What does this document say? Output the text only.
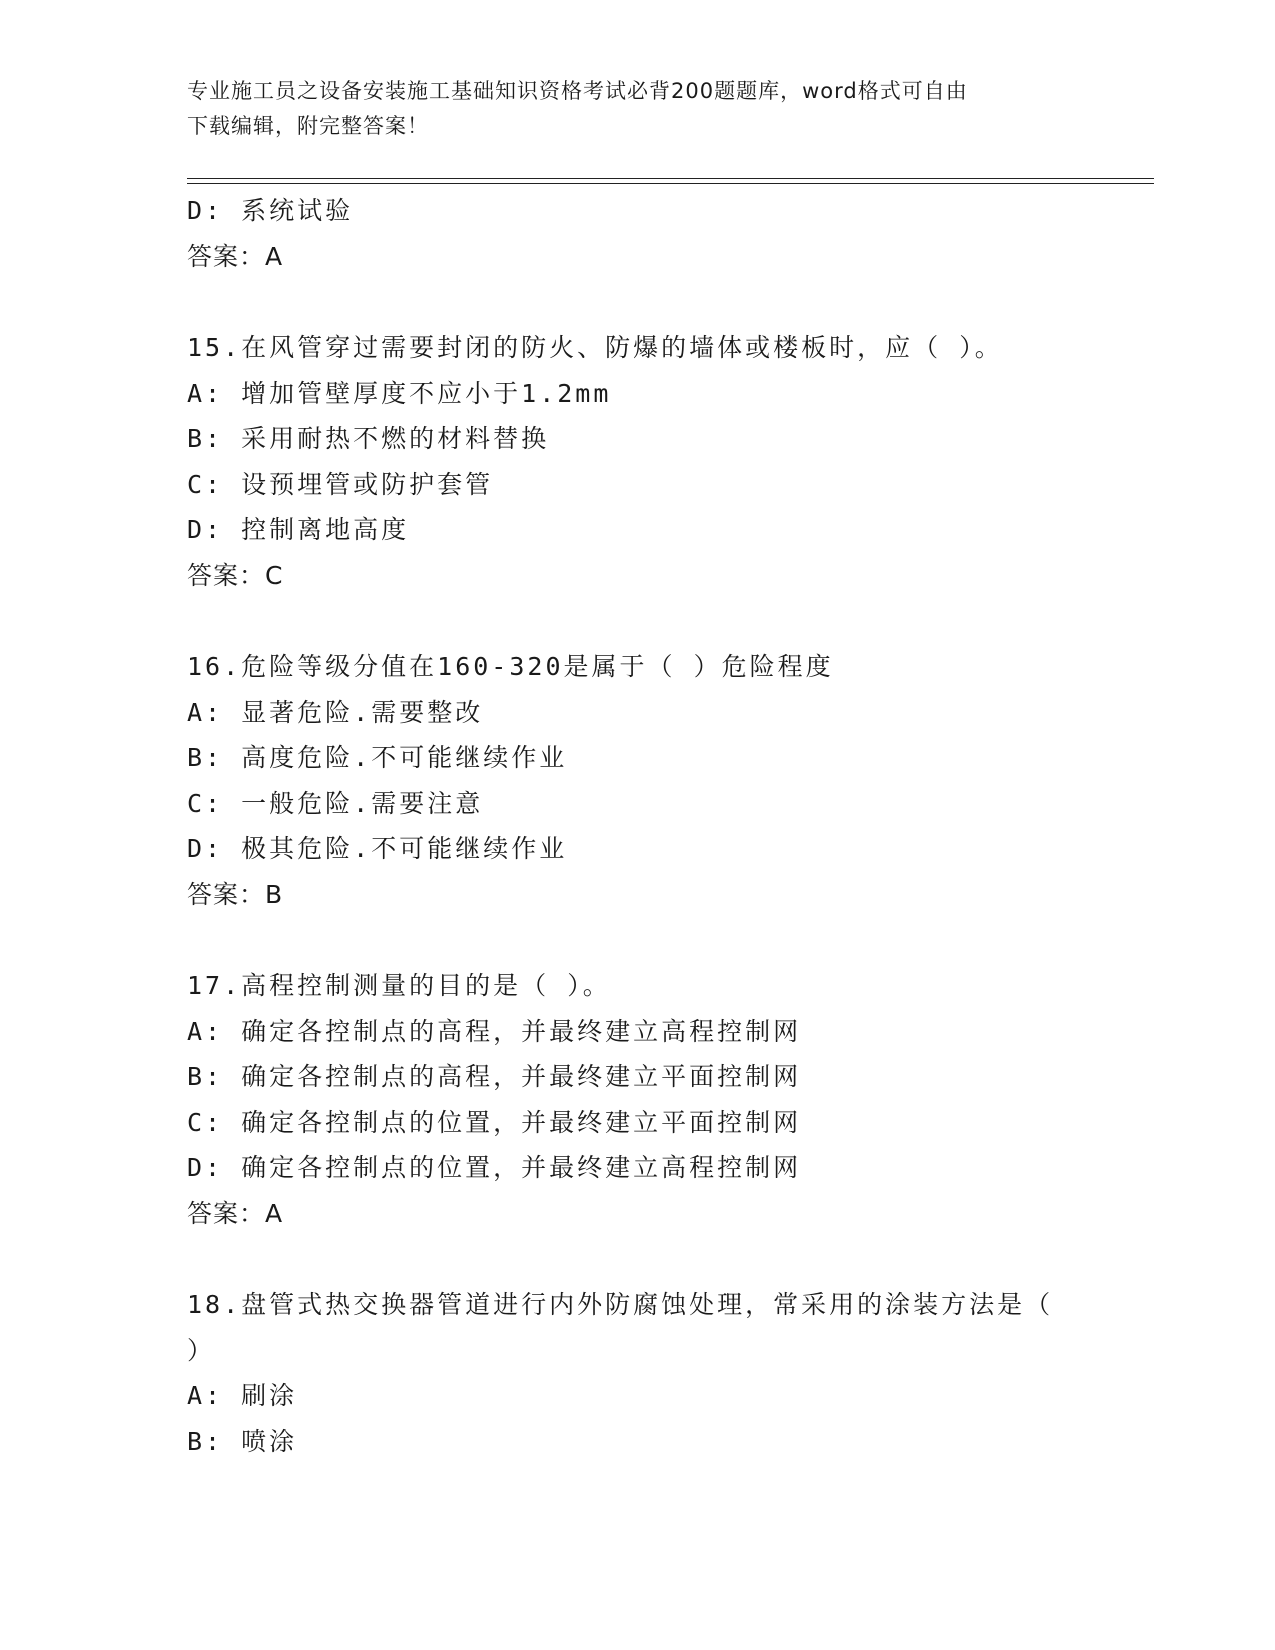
专业施工员之设备安装施工基础知识资格考试必背200题题库，word格式可自由
下载编辑，附完整答案！
D: 系统试验
答案：A
15.在风管穿过需要封闭的防火、防爆的墙体或楼板时，应（ ）。
A: 增加管壁厚度不应小于1.2mm
B: 采用耐热不燃的材料替换
C: 设预埋管或防护套管
D: 控制离地高度
答案：C
16.危险等级分值在160-320是属于（ ）危险程度
A: 显著危险.需要整改
B: 高度危险.不可能继续作业
C: 一般危险.需要注意
D: 极其危险.不可能继续作业
答案：B
17.高程控制测量的目的是（ ）。
A: 确定各控制点的高程，并最终建立高程控制网
B: 确定各控制点的高程，并最终建立平面控制网
C: 确定各控制点的位置，并最终建立平面控制网
D: 确定各控制点的位置，并最终建立高程控制网
答案：A
18.盘管式热交换器管道进行内外防腐蚀处理，常采用的涂装方法是（
）
A: 刷涂
B: 喷涂
